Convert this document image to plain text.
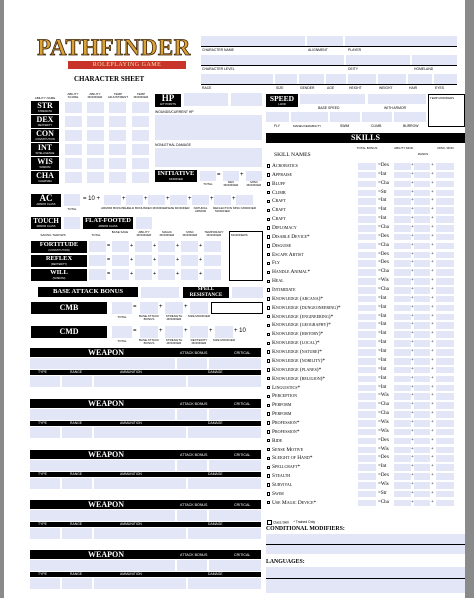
PATHFINDER
ROLEPLAYING GAME
CHARACTER SHEET
CHARACTER NAME	ALIGNMENT	PLAYER
CHARACTER LEVEL	DEITY	HOMELAND
RACE	SIZE	GENDER	AGE	HEIGHT	WEIGHT	HAIR	EYES
ABILITY NAME
ABILITY SCORE
ABILITY MODIFIER
TEMP ADJUSTMENT
TEMP MODIFIER
STR
STRENGTH
DEX
DEXTERITY
CON
CONSTITUTION
INT
INTELLIGENCE
WIS
WISDOM
CHA
CHARISMA
HP
HIT POINTS
WOUNDS/CURRENT HP
NONLETHAL DAMAGE
SPEED
LAND
BASE SPEED	WITH ARMOR
TEMP MODIFIERS
FLY	MANEUVERABILITY	SWIM	CLIMB	BURROW
SKILLS
SKILL NAMES
TOTAL BONUS	ABILITY MOD.
RANKS
MISC. MOD.
Acrobatics	=Dex	+	+
Appraise	=Int	+	+
Bluff	=Cha	+	+
Climb	=Str	+	+
Craft	=Int	+	+
Craft	=Int	+	+
Craft	=Int	+	+
Diplomacy	=Cha	+	+
Disable Device*	=Dex	+	+
Disguise	=Cha	+	+
Escape Artist	=Dex	+	+
Fly	=Dex	+	+
Handle Animal*	=Cha	+	+
Heal	=Wis	+	+
Intimidate	=Cha	+	+
Knowledge (arcana)*	=Int	+	+
Knowledge (dungeoneering)*	=Int	+	+
Knowledge (engineering)*	=Int	+	+
Knowledge (geography)*	=Int	+	+
Knowledge (history)*	=Int	+	+
Knowledge (local)*	=Int	+	+
Knowledge (nature)*	=Int	+	+
Knowledge (nobility)*	=Int	+	+
Knowledge (planes)*	=Int	+	+
Knowledge (religion)*	=Int	+	+
Linguistics*	=Int	+	+
Perception	=Wis	+	+
Perform	=Cha	+	+
Perform	=Cha	+	+
Profession*	=Wis	+	+
Profession*	=Wis	+	+
Ride	=Dex	+	+
Sense Motive	=Wis	+	+
Sleight of Hand*	=Dex	+	+
Spellcraft*	=Int	+	+
Stealth	=Dex	+	+
Survival	=Wis	+	+
Swim	=Str	+	+
Use Magic Device*	=Cha	+	+
Class Skill * Trained Only
CONDITIONAL MODIFIERS:
LANGUAGES:
INITIATIVE
MODIFIER
=	+
TOTAL	DEX MODIFIER
MISC MODIFIER
AC
ARMOR CLASS
TOTAL
= 10 +	+
ARMOR BONUS
+
SHIELD BONUS
+
DEX MODIFIER
+
SIZE MODIFIER
+
NATURAL ARMOR
+
DEFLECTION MODIFIER
MISC MODIFIER
TOUCH
ARMOR CLASS
FLAT-FOOTED
ARMOR CLASS
SAVING THROWS	TOTAL
BASE SAVE	ABILITY MODIFIER
MAGIC MODIFIER
MISC MODIFIER
TEMPORARY MODIFIER
FORTITUDE
(CONSTITUTION)
=	+	+	+	+
REFLEX
(DEXTERITY)
=	+	+	+	+
WILL
(WISDOM)
=	+	+	+	+
MODIFIERS
BASE ATTACK BONUS	SPELL RESISTANCE
CMB	=	+	+
TOTAL	BASE ATTACK BONUS
STRENGTH MODIFIER
SIZE MODIFIER
CMD	=	+	+	+	+ 10
TOTAL	BASE ATTACK BONUS
STRENGTH MODIFIER
DEXTERITY MODIFIER
SIZE MODIFIER
WEAPON	ATTACK BONUS	CRITICAL
TYPE	RANGE	AMMUNITION	DAMAGE
WEAPON	ATTACK BONUS	CRITICAL
TYPE	RANGE	AMMUNITION	DAMAGE
WEAPON	ATTACK BONUS	CRITICAL
TYPE	RANGE	AMMUNITION	DAMAGE
WEAPON	ATTACK BONUS	CRITICAL
TYPE	RANGE	AMMUNITION	DAMAGE
WEAPON	ATTACK BONUS	CRITICAL
TYPE	RANGE	AMMUNITION	DAMAGE
